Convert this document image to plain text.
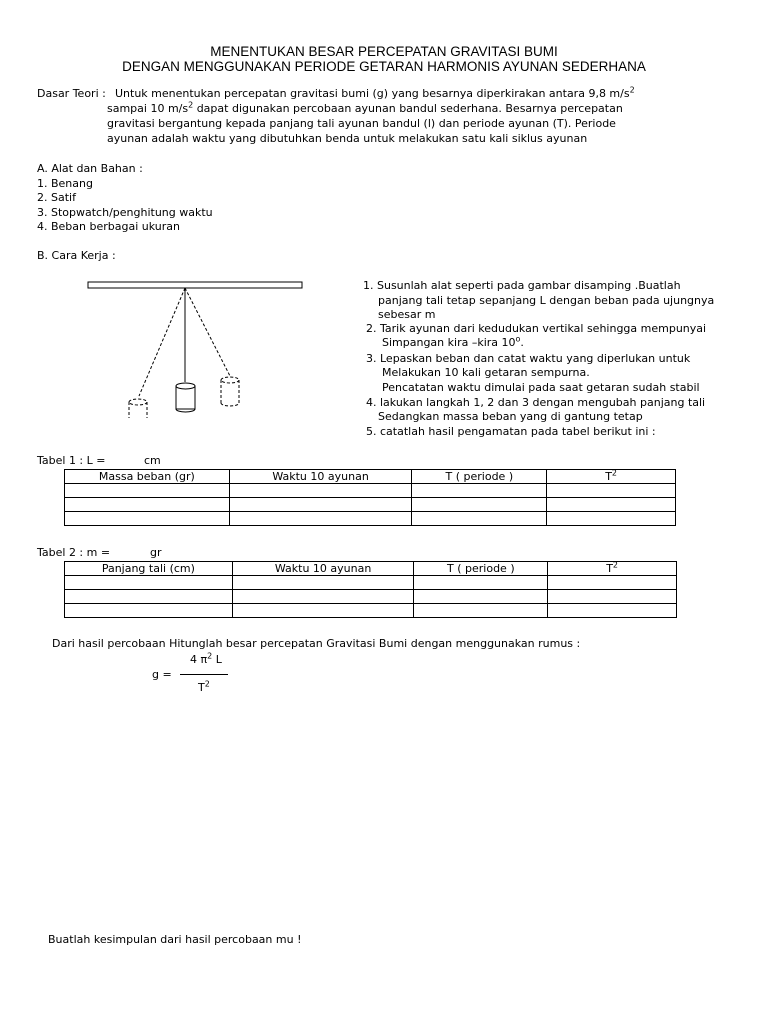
MENENTUKAN BESAR PERCEPATAN GRAVITASI BUMI
DENGAN MENGGUNAKAN PERIODE GETARAN HARMONIS AYUNAN SEDERHANA
Dasar Teori : Untuk menentukan percepatan gravitasi bumi (g) yang besarnya diperkirakan antara 9,8 $m/s^2$
sampai 10 $m/s^2$ dapat digunakan percobaan ayunan bandul sederhana. Besarnya percepatan
gravitasi bergantung kepada panjang tali ayunan bandul (l) dan periode ayunan (T). Periode
ayunan adalah waktu yang dibutuhkan benda untuk melakukan satu kali siklus ayunan
A. Alat dan Bahan :
1. Benang
2. Satif
3. Stopwatch/penghitung waktu
4. Beban berbagai ukuran
B. Cara Kerja :
1. Susunlah alat seperti pada gambar disamping .Buatlah
panjang tali tetap sepanjang L dengan beban pada ujungnya
sebesar m
2. Tarik ayunan dari kedudukan vertikal sehingga mempunyai
Simpangan kira –kira 10$^o$.
3. Lepaskan beban dan catat waktu yang diperlukan untuk
Melakukan 10 kali getaran sempurna.
Pencatatan waktu dimulai pada saat getaran sudah stabil
4. lakukan langkah 1, 2 dan 3 dengan mengubah panjang tali
Sedangkan massa beban yang di gantung tetap
5. catatlah hasil pengamatan pada tabel berikut ini :
Tabel 1 : L =	cm
Massa beban (gr)	Waktu 10 ayunan	T ( periode )	$T^2$

Tabel 2 : m =	gr
Panjang tali (cm)	Waktu 10 ayunan	T ( periode )	$T^2$

Dari hasil percobaan Hitunglah besar percepatan Gravitasi Bumi dengan menggunakan rumus :
4 $\pi^2$ L
g =
$T^2$
Buatlah kesimpulan dari hasil percobaan mu !
